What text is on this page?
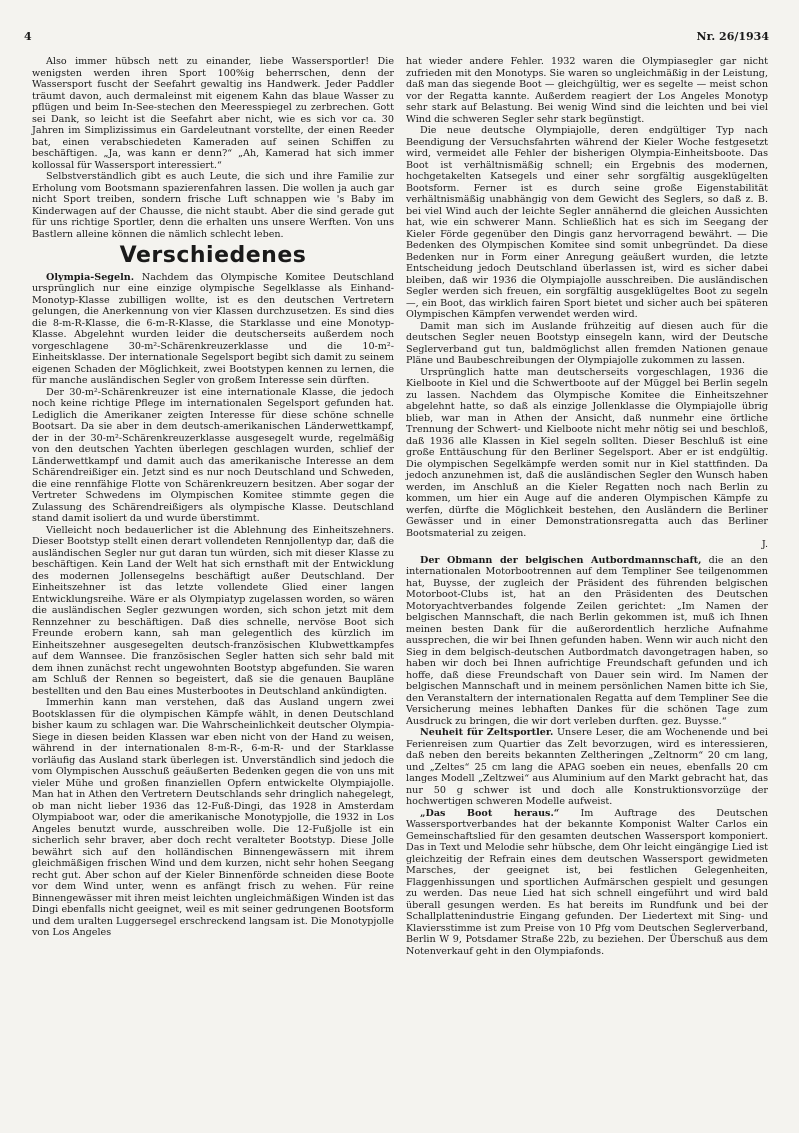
4	Nr. 26/1934

Also immer hübsch nett zu einander, liebe Wassersportler! Die wenigsten werden ihren Sport 100%ig beherrschen, denn der Wassersport fuscht der Seefahrt gewaltig ins Handwerk. Jeder Paddler träumt davon, auch dermaleinst mit eigenem Kahn das blaue Wasser zu pflügen und beim In-See-stechen den Meeresspiegel zu zerbrechen. Gott sei Dank, so leicht ist die Seefahrt aber nicht, wie es sich vor ca. 30 Jahren im Simplizissimus ein Gardeleutnant vorstellte, der einen Reeder bat, einen verabschiedeten Kameraden auf seinen Schiffen zu beschäftigen. „Ja, was kann er denn?“ „Ah, Kamerad hat sich immer kollossal für Wassersport interessiert.“

Selbstverständlich gibt es auch Leute, die sich und ihre Familie zur Erholung vom Bootsmann spazierenfahren lassen. Die wollen ja auch gar nicht Sport treiben, sondern frische Luft schnappen wie 's Baby im Kinderwagen auf der Chausse, die nicht staubt. Aber die sind gerade gut für uns richtige Sportler, denn die erhalten uns unsere Werften. Von uns Bastlern alleine können die nämlich schlecht leben.

Verschiedenes

Olympia-Segeln. Nachdem das Olympische Komitee Deutschland ursprünglich nur eine einzige olympische Segelklasse als Einhand-Monotyp-Klasse zubilligen wollte, ist es den deutschen Vertretern gelungen, die Anerkennung von vier Klassen durchzusetzen. Es sind dies die 8-m-R-Klasse, die 6-m-R-Klasse, die Starklasse und eine Monotyp-Klasse. Abgelehnt wurden leider die deutscherseits außerdem noch vorgeschlagene 30-m²-Schärenkreuzerklasse und die 10-m²-Einheitsklasse. Der internationale Segelsport begibt sich damit zu seinem eigenen Schaden der Möglichkeit, zwei Bootstypen kennen zu lernen, die für manche ausländischen Segler von großem Interesse sein dürften.

Der 30-m²-Schärenkreuzer ist eine internationale Klasse, die jedoch noch keine richtige Pflege im internationalen Segelsport gefunden hat. Lediglich die Amerikaner zeigten Interesse für diese schöne schnelle Bootsart. Da sie aber in dem deutsch-amerikanischen Länderwettkampf, der in der 30-m²-Schärenkreuzerklasse ausgesegelt wurde, regelmäßig von den deutschen Yachten überlegen geschlagen wurden, schlief der Länderwettkampf und damit auch das amerikanische Interesse an dem Schärendreißiger ein. Jetzt sind es nur noch Deutschland und Schweden, die eine rennfähige Flotte von Schärenkreuzern besitzen. Aber sogar der Vertreter Schwedens im Olympischen Komitee stimmte gegen die Zulassung des Schärendreißigers als olympische Klasse. Deutschland stand damit isoliert da und wurde überstimmt.

Vielleicht noch bedauerlicher ist die Ablehnung des Einheitszehners. Dieser Bootstyp stellt einen derart vollendeten Rennjollentyp dar, daß die ausländischen Segler nur gut daran tun würden, sich mit dieser Klasse zu beschäftigen. Kein Land der Welt hat sich ernsthaft mit der Entwicklung des modernen Jollensegelns beschäftigt außer Deutschland. Der Einheitszehner ist das letzte vollendete Glied einer langen Entwicklungsreihe. Wäre er als Olympiatyp zugelassen worden, so wären die ausländischen Segler gezwungen worden, sich schon jetzt mit dem Rennzehner zu beschäftigen. Daß dies schnelle, nervöse Boot sich Freunde erobern kann, sah man gelegentlich des kürzlich im Einheitszehner ausgesegelten deutsch-französischen Klubwettkampfes auf dem Wannsee. Die französischen Segler hatten sich sehr bald mit dem ihnen zunächst recht ungewohnten Bootstyp abgefunden. Sie waren am Schluß der Rennen so begeistert, daß sie die genauen Baupläne bestellten und den Bau eines Musterbootes in Deutschland ankündigten.

Immerhin kann man verstehen, daß das Ausland ungern zwei Bootsklassen für die olympischen Kämpfe wählt, in denen Deutschland bisher kaum zu schlagen war. Die Wahrscheinlichkeit deutscher Olympia-Siege in diesen beiden Klassen war eben nicht von der Hand zu weisen, während in der internationalen 8-m-R-, 6-m-R- und der Starklasse vorläufig das Ausland stark überlegen ist. Unverständlich sind jedoch die vom Olympischen Ausschuß geäußerten Bedenken gegen die von uns mit vieler Mühe und großen finanziellen Opfern entwickelte Olympiajolle. Man hat in Athen den Vertretern Deutschlands sehr dringlich nahegelegt, ob man nicht lieber 1936 das 12-Fuß-Dingi, das 1928 in Amsterdam Olympiaboot war, oder die amerikanische Monotypjolle, die 1932 in Los Angeles benutzt wurde, ausschreiben wolle. Die 12-Fußjolle ist ein sicherlich sehr braver, aber doch recht veralteter Bootstyp. Diese Jolle bewährt sich auf den holländischen Binnengewässern mit ihrem gleichmäßigen frischen Wind und dem kurzen, nicht sehr hohen Seegang recht gut. Aber schon auf der Kieler Binnenförde schneiden diese Boote vor dem Wind unter, wenn es anfängt frisch zu wehen. Für reine Binnengewässer mit ihren meist leichten ungleichmäßigen Winden ist das Dingi ebenfalls nicht geeignet, weil es mit seiner gedrungenen Bootsform und dem uralten Luggersegel erschreckend langsam ist. Die Monotypjolle von Los Angeles

hat wieder andere Fehler. 1932 waren die Olympiasegler gar nicht zufrieden mit den Monotyps. Sie waren so ungleichmäßig in der Leistung, daß man das siegende Boot — gleichgültig, wer es segelte — meist schon vor der Regatta kannte. Außerdem reagiert der Los Angeles Monotyp sehr stark auf Belastung. Bei wenig Wind sind die leichten und bei viel Wind die schweren Segler sehr stark begünstigt.

Die neue deutsche Olympiajolle, deren endgültiger Typ nach Beendigung der Versuchsfahrten während der Kieler Woche festgesetzt wird, vermeidet alle Fehler der bisherigen Olympia-Einheitsboote. Das Boot ist verhältnismäßig schnell; ein Ergebnis des modernen, hochgetakelten Katsegels und einer sehr sorgfältig ausgeklügelten Bootsform. Ferner ist es durch seine große Eigenstabilität verhältnismäßig unabhängig von dem Gewicht des Seglers, so daß z. B. bei viel Wind auch der leichte Segler annähernd die gleichen Aussichten hat, wie ein schwerer Mann. Schließlich hat es sich im Seegang der Kieler Förde gegenüber den Dingis ganz hervorragend bewährt. — Die Bedenken des Olympischen Komitee sind somit unbegründet. Da diese Bedenken nur in Form einer Anregung geäußert wurden, die letzte Entscheidung jedoch Deutschland überlassen ist, wird es sicher dabei bleiben, daß wir 1936 die Olympiajolle ausschreiben. Die ausländischen Segler werden sich freuen, ein sorgfältig ausgeklügeltes Boot zu segeln —, ein Boot, das wirklich fairen Sport bietet und sicher auch bei späteren Olympischen Kämpfen verwendet werden wird.

Damit man sich im Auslande frühzeitig auf diesen auch für die deutschen Segler neuen Bootstyp einsegeln kann, wird der Deutsche Seglerverband gut tun, baldmöglichst allen fremden Nationen genaue Pläne und Baubeschreibungen der Olympiajolle zukommen zu lassen.

Ursprünglich hatte man deutscherseits vorgeschlagen, 1936 die Kielboote in Kiel und die Schwertboote auf der Müggel bei Berlin segeln zu lassen. Nachdem das Olympische Komitee die Einheitszehner abgelehnt hatte, so daß als einzige Jollenklasse die Olympiajolle übrig blieb, war man in Athen der Ansicht, daß nunmehr eine örtliche Trennung der Schwert- und Kielboote nicht mehr nötig sei und beschloß, daß 1936 alle Klassen in Kiel segeln sollten. Dieser Beschluß ist eine große Enttäuschung für den Berliner Segelsport. Aber er ist endgültig. Die olympischen Segelkämpfe werden somit nur in Kiel stattfinden. Da jedoch anzunehmen ist, daß die ausländischen Segler den Wunsch haben werden, im Anschluß an die Kieler Regatten noch nach Berlin zu kommen, um hier ein Auge auf die anderen Olympischen Kämpfe zu werfen, dürfte die Möglichkeit bestehen, den Ausländern die Berliner Gewässer und in einer Demonstrationsregatta auch das Berliner Bootsmaterial zu zeigen.

J.

Der Obmann der belgischen Autbordmannschaft, die an den internationalen Motorbootrennen auf dem Templiner See teilgenommen hat, Buysse, der zugleich der Präsident des führenden belgischen Motorboot-Clubs ist, hat an den Präsidenten des Deutschen Motoryachtverbandes folgende Zeilen gerichtet: „Im Namen der belgischen Mannschaft, die nach Berlin gekommen ist, muß ich Ihnen meinen besten Dank für die außerordentlich herzliche Aufnahme aussprechen, die wir bei Ihnen gefunden haben. Wenn wir auch nicht den Sieg in dem belgisch-deutschen Autbordmatch davongetragen haben, so haben wir doch bei Ihnen aufrichtige Freundschaft gefunden und ich hoffe, daß diese Freundschaft von Dauer sein wird. Im Namen der belgischen Mannschaft und in meinem persönlichen Namen bitte ich Sie, den Veranstaltern der internationalen Regatta auf dem Templiner See die Versicherung meines lebhaften Dankes für die schönen Tage zum Ausdruck zu bringen, die wir dort verleben durften. gez. Buysse.“

Neuheit für Zeltsportler. Unsere Leser, die am Wochenende und bei Ferienreisen zum Quartier das Zelt bevorzugen, wird es interessieren, daß neben den bereits bekannten Zeltheringen „Zeltnorm“ 20 cm lang, und „Zeltes“ 25 cm lang die APAG soeben ein neues, ebenfalls 20 cm langes Modell „Zeltzwei“ aus Aluminium auf den Markt gebracht hat, das nur 50 g schwer ist und doch alle Konstruktionsvorzüge der hochwertigen schweren Modelle aufweist.

„Das Boot heraus.“ Im Auftrage des Deutschen Wassersportverbandes hat der bekannte Komponist Walter Carlos ein Gemeinschaftslied für den gesamten deutschen Wassersport komponiert. Das in Text und Melodie sehr hübsche, dem Ohr leicht eingängige Lied ist gleichzeitig der Refrain eines dem deutschen Wassersport gewidmeten Marsches, der geeignet ist, bei festlichen Gelegenheiten, Flaggenhissungen und sportlichen Aufmärschen gespielt und gesungen zu werden. Das neue Lied hat sich schnell eingeführt und wird bald überall gesungen werden. Es hat bereits im Rundfunk und bei der Schallplattenindustrie Eingang gefunden. Der Liedertext mit Sing- und Klaviersstimme ist zum Preise von 10 Pfg vom Deutschen Seglerverband, Berlin W 9, Potsdamer Straße 22b, zu beziehen. Der Überschuß aus dem Notenverkauf geht in den Olympiafonds.
